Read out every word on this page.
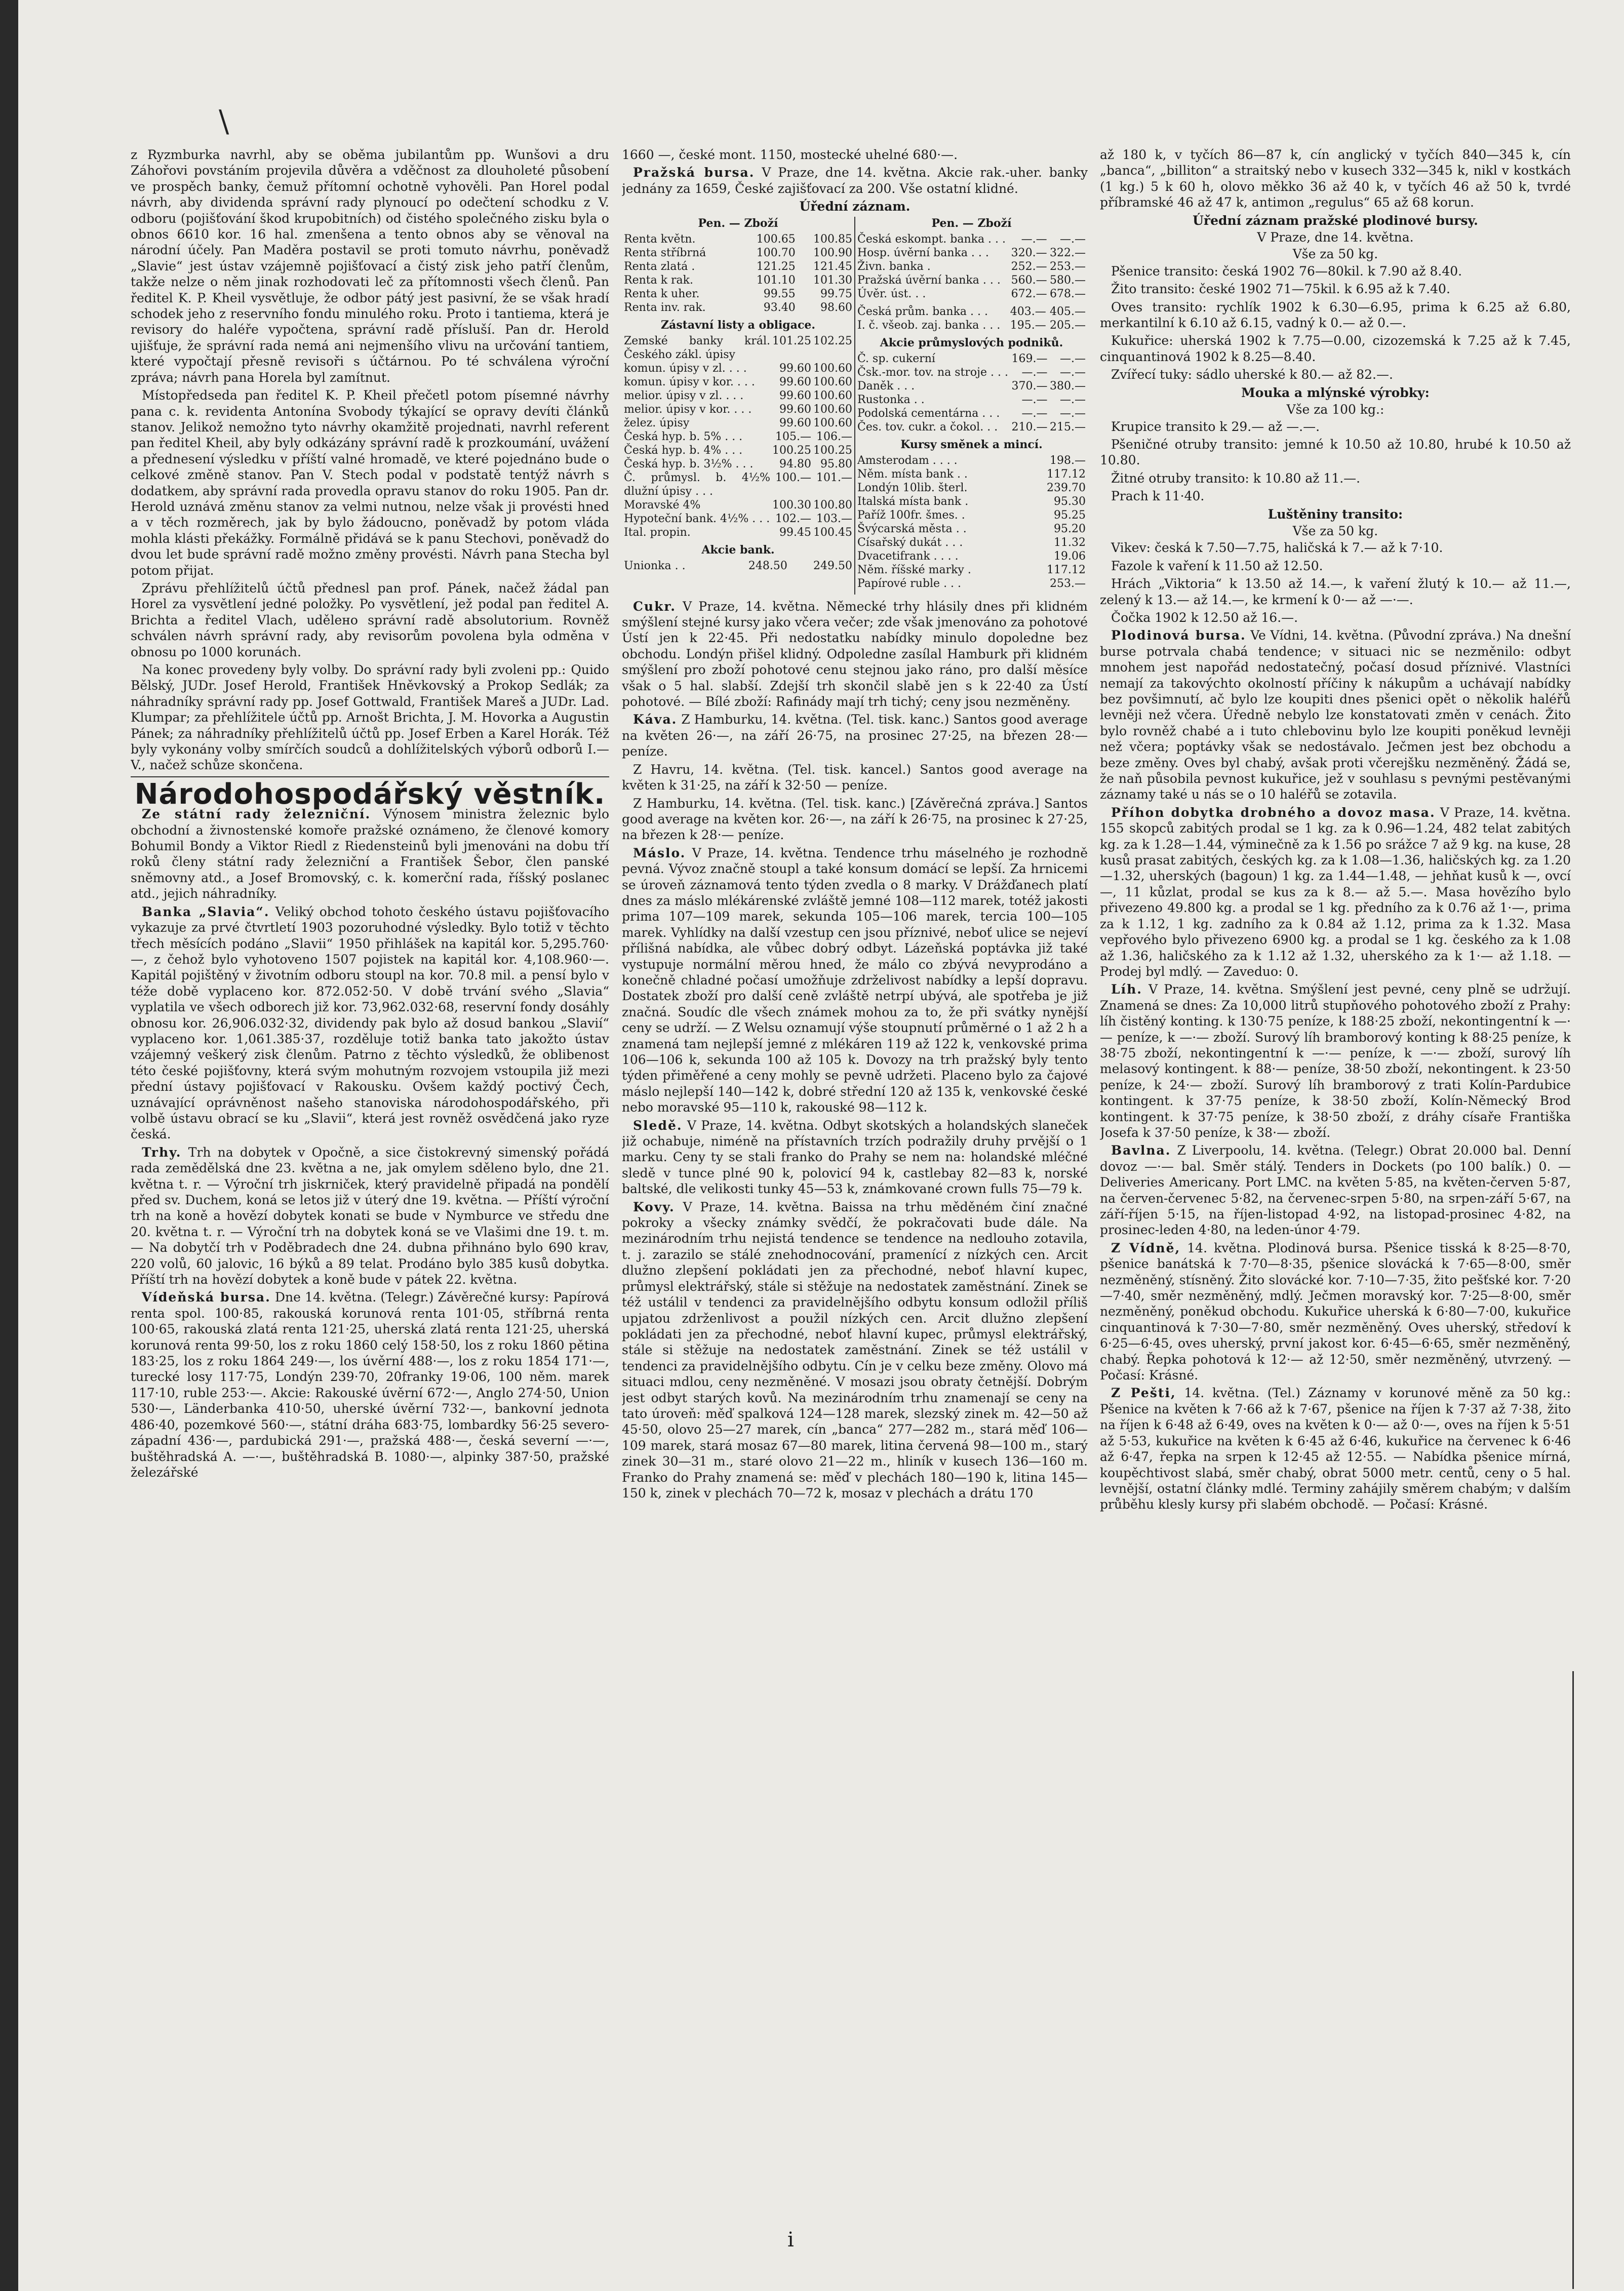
\

z Ryzmburka navrhl, aby se oběma jubilantům pp. Wunšovi a dru Záhořovi povstáním projevila důvěra a vděčnost za dlouholeté působení ve prospěch banky, čemuž přítomní ochotně vyhověli. Pan Horel podal návrh, aby dividenda správní rady plynoucí po odečtení schodku z V. odboru (pojišťování škod krupobitních) od čistého společného zisku byla o obnos 6610 kor. 16 hal. zmenšena a tento obnos aby se věnoval na národní účely. Pan Maděra postavil se proti tomuto návrhu, poněvadž „Slavie“ jest ústav vzájemně pojišťovací a čistý zisk jeho patří členům, takže nelze o něm jinak rozhodovati leč za přítomnosti všech členů. Pan ředitel K. P. Kheil vysvětluje, že odbor pátý jest pasivní, že se však hradí schodek jeho z reservního fondu minulého roku. Proto i tantiema, která je revisory do haléře vypočtena, správní radě přísluší. Pan dr. Herold ujišťuje, že správní rada nemá ani nejmenšího vlivu na určování tantiem, které vypočtají přesně revisoři s účtárnou. Po té schválena výroční zpráva; návrh pana Horela byl zamítnut.

Místopředseda pan ředitel K. P. Kheil přečetl potom písemné návrhy pana c. k. revidenta Antonína Svobody týkající se opravy devíti článků stanov. Jelikož nemožno tyto návrhy okamžitě projednati, navrhl referent pan ředitel Kheil, aby byly odkázány správní radě k prozkoumání, uvážení a přednesení výsledku v příští valné hromadě, ve které pojednáno bude o celkové změně stanov. Pan V. Stech podal v podstatě tentýž návrh s dodatkem, aby správní rada provedla opravu stanov do roku 1905. Pan dr. Herold uznává změnu stanov za velmi nutnou, nelze však ji provésti hned a v těch rozměrech, jak by bylo žádoucno, poněvadž by potom vláda mohla klásti překážky. Formálně přidává se k panu Stechovi, poněvadž do dvou let bude správní radě možno změny provésti. Návrh pana Stecha byl potom přijat.

Zprávu přehlížitelů účtů přednesl pan prof. Pánek, načež žádal pan Horel za vysvětlení jedné položky. Po vysvětlení, jež podal pan ředitel A. Brichta a ředitel Vlach, udělено správní radě absolutorium. Rovněž schválen návrh správní rady, aby revisorům povolena byla odměna v obnosu po 1000 korunách.

Na konec provedeny byly volby. Do správní rady byli zvoleni pp.: Quido Bělský, JUDr. Josef Herold, František Hněvkovský a Prokop Sedlák; za náhradníky správní rady pp. Josef Gottwald, František Mareš a JUDr. Lad. Klumpar; za přehlížitele účtů pp. Arnošt Brichta, J. M. Hovorka a Augustin Pánek; za náhradníky přehlížitelů účtů pp. Josef Erben a Karel Horák. Též byly vykonány volby smírčích soudců a dohlížitelských výborů odborů I.—V., načež schůze skončena.

Národohospodářský věstník.

Ze státní rady železniční. Výnosem ministra železnic bylo obchodní a živnostenské komoře pražské oznámeno, že členové komory Bohumil Bondy a Viktor Riedl z Riedensteinů byli jmenováni na dobu tří roků členy státní rady železniční a František Šebor, člen panské sněmovny atd., a Josef Bromovský, c. k. komerční rada, říšský poslanec atd., jejich náhradníky.

Banka „Slavia“. Veliký obchod tohoto českého ústavu pojišťovacího vykazuje za prvé čtvrtletí 1903 pozoruhodné výsledky. Bylo totiž v těchto třech měsících podáno „Slavii“ 1950 přihlášek na kapitál kor. 5,295.760·—, z čehož bylo vyhotoveno 1507 pojistek na kapitál kor. 4,108.960·—. Kapitál pojištěný v životním odboru stoupl na kor. 70.8 mil. a pensí bylo v téže době vyplaceno kor. 872.052·50. V době trvání svého „Slavia“ vyplatila ve všech odborech již kor. 73,962.032·68, reservní fondy dosáhly obnosu kor. 26,906.032·32, dividendy pak bylo až dosud bankou „Slavií“ vyplaceno kor. 1,061.385·37, rozděluje totiž banka tato jakožto ústav vzájemný veškerý zisk členům. Patrno z těchto výsledků, že oblibenost této české pojišťovny, která svým mohutným rozvojem vstoupila již mezi přední ústavy pojišťovací v Rakousku. Ovšem každý poctivý Čech, uznávající oprávněnost našeho stanoviska národohospodářského, při volbě ústavu obrací se ku „Slavii“, která jest rovněž osvědčená jako ryze česká.

Trhy. Trh na dobytek v Opočně, a sice čistokrevný simenský pořádá rada zemědělská dne 23. května a ne, jak omylem sděleno bylo, dne 21. května t. r. — Výroční trh jiskrniček, který pravidelně připadá na pondělí před sv. Duchem, koná se letos již v úterý dne 19. května. — Příští výroční trh na koně a hovězí dobytek konati se bude v Nymburce ve středu dne 20. května t. r. — Výroční trh na dobytek koná se ve Vlašimi dne 19. t. m. — Na dobytčí trh v Poděbradech dne 24. dubna přihnáno bylo 690 krav, 220 volů, 60 jalovic, 16 býků a 89 telat. Prodáno bylo 385 kusů dobytka. Příští trh na hovězí dobytek a koně bude v pátek 22. května.

Vídeňská bursa. Dne 14. května. (Telegr.) Závěrečné kursy: Papírová renta spol. 100·85, rakouská korunová renta 101·05, stříbrná renta 100·65, rakouská zlatá renta 121·25, uherská zlatá renta 121·25, uherská korunová renta 99·50, los z roku 1860 celý 158·50, los z roku 1860 pětina 183·25, los z roku 1864 249·—, los úvěrní 488·—, los z roku 1854 171·—, turecké losy 117·75, Londýn 239·70, 20franky 19·06, 100 něm. marek 117·10, ruble 253·—. Akcie: Rakouské úvěrní 672·—, Anglo 274·50, Union 530·—, Länderbanka 410·50, uherské úvěrní 732·—, bankovní jednota 486·40, pozemkové 560·—, státní dráha 683·75, lombardky 56·25 severo-západní 436·—, pardubická 291·—, pražská 488·—, česká severní —·—, buštěhradská A. —·—, buštěhradská B. 1080·—, alpinky 387·50, pražské železářské

1660 —, české mont. 1150, mostecké uhelné 680·—.

Pražská bursa. V Praze, dne 14. května. Akcie rak.-uher. banky jednány za 1659, České zajišťovací za 200. Vše ostatní klidné.

Úřední záznam.
Pen. — Zboží
Renta květn.	100.65	100.85
Renta stříbrná	100.70	100.90
Renta zlatá .	121.25	121.45
Renta k rak.	101.10	101.30
Renta k uher.	99.55	99.75
Renta inv. rak.	93.40	98.60
Zástavní listy a obligace.
Zemské banky král. Českého zákl. úpisy	101.25	102.25
komun. úpisy v zl. . . .	99.60	100.60
komun. úpisy v kor. . . .	99.60	100.60
melior. úpisy v zl. . . .	99.60	100.60
melior. úpisy v kor. . . .	99.60	100.60
želez. úpisy	99.60	100.60
Česká hyp. b. 5% . . .	105.—	106.—
Česká hyp. b. 4% . . .	100.25	100.25
Česká hyp. b. 3½% . . .	94.80	95.80
Č. průmysl. b. 4½% dlužní úpisy . . .	100.—	101.—
Moravské 4%	100.30	100.80
Hypoteční bank. 4½% . . .	102.—	103.—
Ital. propin.	99.45	100.45
Akcie bank.
Unionka . .	248.50	249.50

Pen. — Zboží
Česká eskompt. banka . . .	—.—	—.—
Hosp. úvěrní banka . . .	320.—	322.—
Živn. banka .	252.—	253.—
Pražská úvěrní banka . . .	560.—	580.—
Úvěr. úst. . .	672.—	678.—
Česká prům. banka . . .	403.—	405.—
I. č. všeob. zaj. banka . . .	195.—	205.—
Akcie průmyslových podniků.
Č. sp. cukerní	169.—	—.—
Čsk.-mor. tov. na stroje . . .	—.—	—.—
Daněk . . .	370.—	380.—
Rustonka . .	—.—	—.—
Podolská cementárna . . .	—.—	—.—
Čes. tov. cukr. a čokol. . .	210.—	215.—
Kursy směnek a mincí.
Amsterodam . . . .	198.—
Něm. místa bank . .	117.12
Londýn 10lib. šterl.	239.70
Italská místa bank .	95.30
Paříž 100fr. šmes. .	95.25
Švýcarská města . .	95.20
Císařský dukát . . .	11.32
Dvacetifrank . . . .	19.06
Něm. říšské marky .	117.12
Papírové ruble . . .	253.—

Cukr. V Praze, 14. května. Německé trhy hlásily dnes při klidném smýšlení stejné kursy jako včera večer; zde však jmenováno za pohotové Ústí jen k 22·45. Při nedostatku nabídky minulo dopoledne bez obchodu. Londýn přišel klidný. Odpoledne zasílal Hamburk při klidném smýšlení pro zboží pohotové cenu stejnou jako ráno, pro další měsíce však o 5 hal. slabší. Zdejší trh skončil slabě jen s k 22·40 za Ústí pohotové. — Bílé zboží: Rafinády mají trh tichý; ceny jsou nezměněny.

Káva. Z Hamburku, 14. května. (Tel. tisk. kanc.) Santos good average na květen 26·—, na září 26·75, na prosinec 27·25, na březen 28·— peníze.

Z Havru, 14. května. (Tel. tisk. kancel.) Santos good average na květen k 31·25, na září k 32·50 — peníze.

Z Hamburku, 14. května. (Tel. tisk. kanc.) [Závěrečná zpráva.] Santos good average na květen kor. 26·—, na září k 26·75, na prosinec k 27·25, na březen k 28·— peníze.

Máslo. V Praze, 14. května. Tendence trhu máselného je rozhodně pevná. Vývoz značně stoupl a také konsum domácí se lepší. Za hrnicemi se úroveň záznamová tento týden zvedla o 8 marky. V Drážďanech platí dnes za máslo mlékárenské zvláště jemné 108—112 marek, totéž jakosti prima 107—109 marek, sekunda 105—106 marek, tercia 100—105 marek. Vyhlídky na další vzestup cen jsou příznivé, neboť ulice se nejeví přílišná nabídka, ale vůbec dobrý odbyt. Lázeňská poptávka již také vystupuje normální měrou hned, že málo co zbývá nevyprodáno a konečně chladné počasí umožňuje zdrželivost nabídky a lepší dopravu. Dostatek zboží pro další ceně zvláště netrpí ubývá, ale spotřeba je již značná. Soudíc dle všech známek mohou za to, že při svátky nynější ceny se udrží. — Z Welsu oznamují výše stoupnutí průměrné o 1 až 2 h a znamená tam nejlepší jemné z mlékáren 119 až 122 k, venkovské prima 106—106 k, sekunda 100 až 105 k. Dovozy na trh pražský byly tento týden přiměřené a ceny mohly se pevně udržeti. Placeno bylo za čajové máslo nejlepší 140—142 k, dobré střední 120 až 135 k, venkovské české nebo moravské 95—110 k, rakouské 98—112 k.

Sledě. V Praze, 14. května. Odbyt skotských a holandských slaneček již ochabuje, niméně na přístavních trzích podražily druhy prvější o 1 marku. Ceny ty se stali franko do Prahy se nem na: holandské mléčné sledě v tunce plné 90 k, polovicí 94 k, castlebay 82—83 k, norské baltské, dle velikosti tunky 45—53 k, známkované crown fulls 75—79 k.

Kovy. V Praze, 14. května. Baissa na trhu měděném činí značné pokroky a všecky známky svědčí, že pokračovati bude dále. Na mezinárodním trhu nejistá tendence se tendence na nedlouho zotavila, t. j. zarazilo se stálé znehodnocování, pramenící z nízkých cen. Arcit dlužno zlepšení pokládati jen za přechodné, neboť hlavní kupec, průmysl elektrářský, stále si stěžuje na nedostatek zaměstnání. Zinek se též ustálil v tendenci za pravidelnějšího odbytu konsum odložil příliš upjatou zdrženlivost a použil nízkých cen. Arcit dlužno zlepšení pokládati jen za přechodné, neboť hlavní kupec, průmysl elektrářský, stále si stěžuje na nedostatek zaměstnání. Zinek se též ustálil v tendenci za pravidelnějšího odbytu. Cín je v celku beze změny. Olovo má situaci mdlou, ceny nezměněné. V mosazi jsou obraty četnější. Dobrým jest odbyt starých kovů. Na mezinárodním trhu znamenají se ceny na tato úroveň: měď spalková 124—128 marek, slezský zinek m. 42—50 až 45·50, olovo 25—27 marek, cín „banca“ 277—282 m., stará měď 106—109 marek, stará mosaz 67—80 marek, litina červená 98—100 m., starý zinek 30—31 m., staré olovo 21—22 m., hliník v kusech 136—160 m. Franko do Prahy znamená se: měď v plechách 180—190 k, litina 145—150 k, zinek v plechách 70—72 k, mosaz v plechách a drátu 170

až 180 k, v tyčích 86—87 k, cín anglický v tyčích 840—345 k, cín „banca“, „billiton“ a straitský nebo v kusech 332—345 k, nikl v kostkách (1 kg.) 5 k 60 h, olovo měkko 36 až 40 k, v tyčích 46 až 50 k, tvrdé příbramské 46 až 47 k, antimon „regulus“ 65 až 68 korun.

Úřední záznam pražské plodinové bursy.
V Praze, dne 14. května.
Vše za 50 kg.

Pšenice transito: česká 1902 76—80kil. k 7.90 až 8.40.

Žito transito: české 1902 71—75kil. k 6.95 až k 7.40.

Oves transito: rychlík 1902 k 6.30—6.95, prima k 6.25 až 6.80, merkantilní k 6.10 až 6.15, vadný k 0.— až 0.—.

Kukuřice: uherská 1902 k 7.75—0.00, cizozemská k 7.25 až k 7.45, cinquantinová 1902 k 8.25—8.40.

Zvířecí tuky: sádlo uherské k 80.— až 82.—.

Mouka a mlýnské výrobky:
Vše za 100 kg.:

Krupice transito k 29.— až —.—.

Pšeničné otruby transito: jemné k 10.50 až 10.80, hrubé k 10.50 až 10.80.

Žitné otruby transito: k 10.80 až 11.—.

Prach k 11·40.

Luštěniny transito:
Vše za 50 kg.

Vikev: česká k 7.50—7.75, haličská k 7.— až k 7·10.

Fazole k vaření k 11.50 až 12.50.

Hrách „Viktoria“ k 13.50 až 14.—, k vaření žlutý k 10.— až 11.—, zelený k 13.— až 14.—, ke krmení k 0·— až —·—.

Čočka 1902 k 12.50 až 16.—.

Plodinová bursa. Ve Vídni, 14. května. (Původní zpráva.) Na dnešní burse potrvala chabá tendence; v situaci nic se nezměnilo: odbyt mnohem jest napořád nedostatečný, počasí dosud příznivé. Vlastníci nemají za takovýchto okolností příčiny k nákupům a uchávají nabídky bez povšimnutí, ač bylo lze koupiti dnes pšenici opět o několik haléřů levněji než včera. Úředně nebylo lze konstatovati změn v cenách. Žito bylo rovněž chabé a i tuto chlebovinu bylo lze koupiti poněkud levněji než včera; poptávky však se nedostávalo. Ječmen jest bez obchodu a beze změny. Oves byl chabý, avšak proti včerejšku nezměněný. Žádá se, že naň působila pevnost kukuřice, jež v souhlasu s pevnými pestěvanými záznamy také u nás se o 10 haléřů se zotavila.

Příhon dobytka drobného a dovoz masa. V Praze, 14. května. 155 skopců zabitých prodal se 1 kg. za k 0.96—1.24, 482 telat zabitých kg. za k 1.28—1.44, výminečně za k 1.56 po srážce 7 až 9 kg. na kuse, 28 kusů prasat zabitých, českých kg. za k 1.08—1.36, haličských kg. za 1.20—1.32, uherských (bagoun) 1 kg. za 1.44—1.48, — jehňat kusů k —, ovcí —, 11 kůzlat, prodal se kus za k 8.— až 5.—. Masa hovězího bylo přivezeno 49.800 kg. a prodal se 1 kg. předního za k 0.76 až 1·—, prima za k 1.12, 1 kg. zadního za k 0.84 až 1.12, prima za k 1.32. Masa vepřového bylo přivezeno 6900 kg. a prodal se 1 kg. českého za k 1.08 až 1.36, haličského za k 1.12 až 1.32, uherského za k 1·— až 1.18. — Prodej byl mdlý. — Zaveduo: 0.

Líh. V Praze, 14. května. Smýšlení jest pevné, ceny plně se udržují. Znamená se dnes: Za 10,000 litrů stupňového pohotového zboží z Prahy: líh čistěný konting. k 130·75 peníze, k 188·25 zboží, nekontingentní k —·— peníze, k —·— zboží. Surový líh bramborový konting k 88·25 peníze, k 38·75 zboží, nekontingentní k —·— peníze, k —·— zboží, surový líh melasový kontingent. k 88·— peníze, 38·50 zboží, nekontingent. k 23·50 peníze, k 24·— zboží. Surový líh bramborový z trati Kolín-Pardubice kontingent. k 37·75 peníze, k 38·50 zboží, Kolín-Německý Brod kontingent. k 37·75 peníze, k 38·50 zboží, z dráhy císaře Františka Josefa k 37·50 peníze, k 38·— zboží.

Bavlna. Z Liverpoolu, 14. května. (Telegr.) Obrat 20.000 bal. Denní dovoz —·— bal. Směr stálý. Tenders in Dockets (po 100 balík.) 0. — Deliveries Americany. Port LMC. na květen 5·85, na květen-červen 5·87, na červen-červenec 5·82, na červenec-srpen 5·80, na srpen-září 5·67, na září-říjen 5·15, na říjen-listopad 4·92, na listopad-prosinec 4·82, na prosinec-leden 4·80, na leden-únor 4·79.

Z Vídně, 14. května. Plodinová bursa. Pšenice tisská k 8·25—8·70, pšenice banátská k 7·70—8·35, pšenice slovácká k 7·65—8·00, směr nezměněný, stísněný. Žito slovácké kor. 7·10—7·35, žito pešťské kor. 7·20—7·40, směr nezměněný, mdlý. Ječmen moravský kor. 7·25—8·00, směr nezměněný, poněkud obchodu. Kukuřice uherská k 6·80—7·00, kukuřice cinquantinová k 7·30—7·80, směr nezměněný. Oves uherský, středoví k 6·25—6·45, oves uherský, první jakost kor. 6·45—6·65, směr nezměněný, chabý. Řepka pohotová k 12·— až 12·50, směr nezměněný, utvrzený. — Počasí: Krásné.

Z Pešti, 14. května. (Tel.) Záznamy v korunové měně za 50 kg.: Pšenice na květen k 7·66 až k 7·67, pšenice na říjen k 7·37 až 7·38, žito na říjen k 6·48 až 6·49, oves na květen k 0·— až 0·—, oves na říjen k 5·51 až 5·53, kukuřice na květen k 6·45 až 6·46, kukuřice na červenec k 6·46 až 6·47, řepka na srpen k 12·45 až 12·55. — Nabídka pšenice mírná, koupěchtivost slabá, směr chabý, obrat 5000 metr. centů, ceny o 5 hal. levnější, ostatní články mdlé. Terminy zahájily směrem chabým; v dalším průběhu klesly kursy při slabém obchodě. — Počasí: Krásné.

i
